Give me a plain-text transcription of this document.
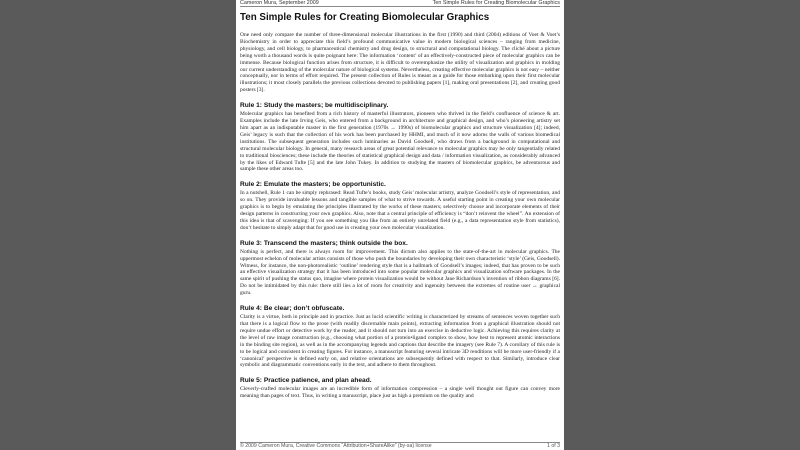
Cameron Mura, September 2009	Ten Simple Rules for Creating Biomolecular Graphics
Ten Simple Rules for Creating Biomolecular Graphics

One need only compare the number of three-dimensional molecular illustrations in the first (1990) and third (2004) editions of Voet & Voet’s Biochemistry in order to appreciate this field’s profound communicative value in modern biological sciences – ranging from medicine, physiology, and cell biology, to pharmaceutical chemistry and drug design, to structural and computational biology. The cliché about a picture being worth a thousand words is quite poignant here: The information ‘content’ of an effectively-constructed piece of molecular graphics can be immense. Because biological function arises from structure, it is difficult to overemphasize the utility of visualization and graphics in molding our current understanding of the molecular nature of biological systems. Nevertheless, creating effective molecular graphics is not easy – neither conceptually, nor in terms of effort required. The present collection of Rules is meant as a guide for those embarking upon their first molecular illustrations; it most closely parallels the previous collections devoted to publishing papers [1], making oral presentations [2], and creating good posters [3].

Rule 1: Study the masters; be multidisciplinary.

Molecular graphics has benefited from a rich history of masterful illustrators, pioneers who thrived in the field’s confluence of science & art. Examples include the late Irving Geis, who entered from a background in architecture and graphical design, and who’s pioneering artistry set him apart as an indisputable master in the first generation (1970s → 1990s) of biomolecular graphics and structure visualization [4]; indeed, Geis’ legacy is such that the collection of his work has been purchased by HHMI, and much of it now adorns the walls of various biomedical institutions. The subsequent generation includes such luminaries as David Goodsell, who draws from a background in computational and structural molecular biology. In general, many research areas of great potential relevance to molecular graphics may be only tangentially related to traditional biosciences; these include the theories of statistical graphical design and data / information visualization, as considerably advanced by the likes of Edward Tufte [5] and the late John Tukey. In addition to studying the masters of biomolecular graphics, be adventurous and sample these other areas too.

Rule 2: Emulate the masters; be opportunistic.

In a nutshell, Rule 1 can be simply rephrased: Read Tufte’s books, study Geis’ molecular artistry, analyze Goodsell’s style of representation, and so on. They provide invaluable lessons and tangible samples of what to strive towards. A useful starting point in creating your own molecular graphics is to begin by emulating the principles illustrated by the works of these masters; selectively choose and incorporate elements of their design patterns in constructing your own graphics. Also, note that a central principle of efficiency is “don’t reinvent the wheel”. An extension of this idea is that of scavenging: If you see something you like from an entirely unrelated field (e.g., a data representation style from statistics), don’t hesitate to simply adapt that for good use in creating your own molecular visualization.

Rule 3: Transcend the masters; think outside the box.

Nothing is perfect, and there is always room for improvement. This dictum also applies to the state-of-the-art in molecular graphics. The uppermost echelon of molecular artists consists of those who push the boundaries by developing their own characteristic ‘style’ (Geis, Goodsell). Witness, for instance, the non-photorealistic ‘outline’ rendering style that is a hallmark of Goodsell’s images; indeed, that has proven to be such an effective visualization strategy that it has been introduced into some popular molecular graphics and visualization software packages. In the same spirit of pushing the status quo, imagine where protein visualization would be without Jane Richardson’s invention of ribbon diagrams [6]. Do not be intimidated by this rule: there still lies a lot of room for creativity and ingenuity between the extremes of routine user ↔ graphical guru.

Rule 4: Be clear; don’t obfuscate.

Clarity is a virtue, both in principle and in practice. Just as lucid scientific writing is characterized by streams of sentences woven together such that there is a logical flow to the prose (with readily discernable main points), extracting information from a graphical illustration should not require undue effort or detective work by the reader, and it should not turn into an exercise in deductive logic. Achieving this requires clarity at the level of raw image construction (e.g., choosing what portion of a protein•ligand complex to show, how best to represent atomic interactions in the binding site region), as well as in the accompanying legends and captions that describe the imagery (see Rule 7). A corollary of this rule is to be logical and consistent in creating figures. For instance, a manuscript featuring several intricate 3D renditions will be more user-friendly if a ‘canonical’ perspective is defined early on, and relative orientations are subsequently defined with respect to that. Similarly, introduce clear symbolic and diagrammatic conventions early in the text, and adhere to them throughout.

Rule 5: Practice patience, and plan ahead.

Cleverly-crafted molecular images are an incredible form of information compression – a single well thought out figure can convey more meaning than pages of text. Thus, in writing a manuscript, place just as high a premium on the quality and

© 2009 Cameron Mura, Creative Commons “Attribution+ShareAlike” (by-sa) license	1 of 3
